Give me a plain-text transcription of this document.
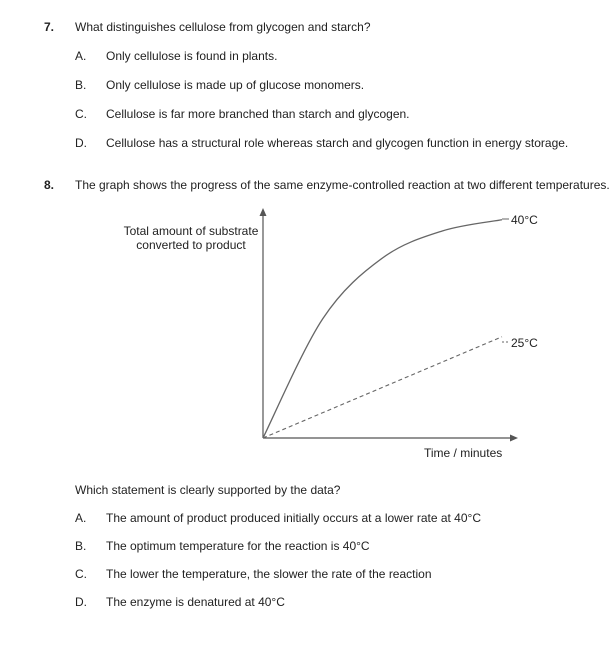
7. What distinguishes cellulose from glycogen and starch?
A. Only cellulose is found in plants.
B. Only cellulose is made up of glucose monomers.
C. Cellulose is far more branched than starch and glycogen.
D. Cellulose has a structural role whereas starch and glycogen function in energy storage.
8. The graph shows the progress of the same enzyme-controlled reaction at two different temperatures.
Total amount of substrate
converted to product
40°C
25°C
Time / minutes
Which statement is clearly supported by the data?
A. The amount of product produced initially occurs at a lower rate at 40°C
B. The optimum temperature for the reaction is 40°C
C. The lower the temperature, the slower the rate of the reaction
D. The enzyme is denatured at 40°C
